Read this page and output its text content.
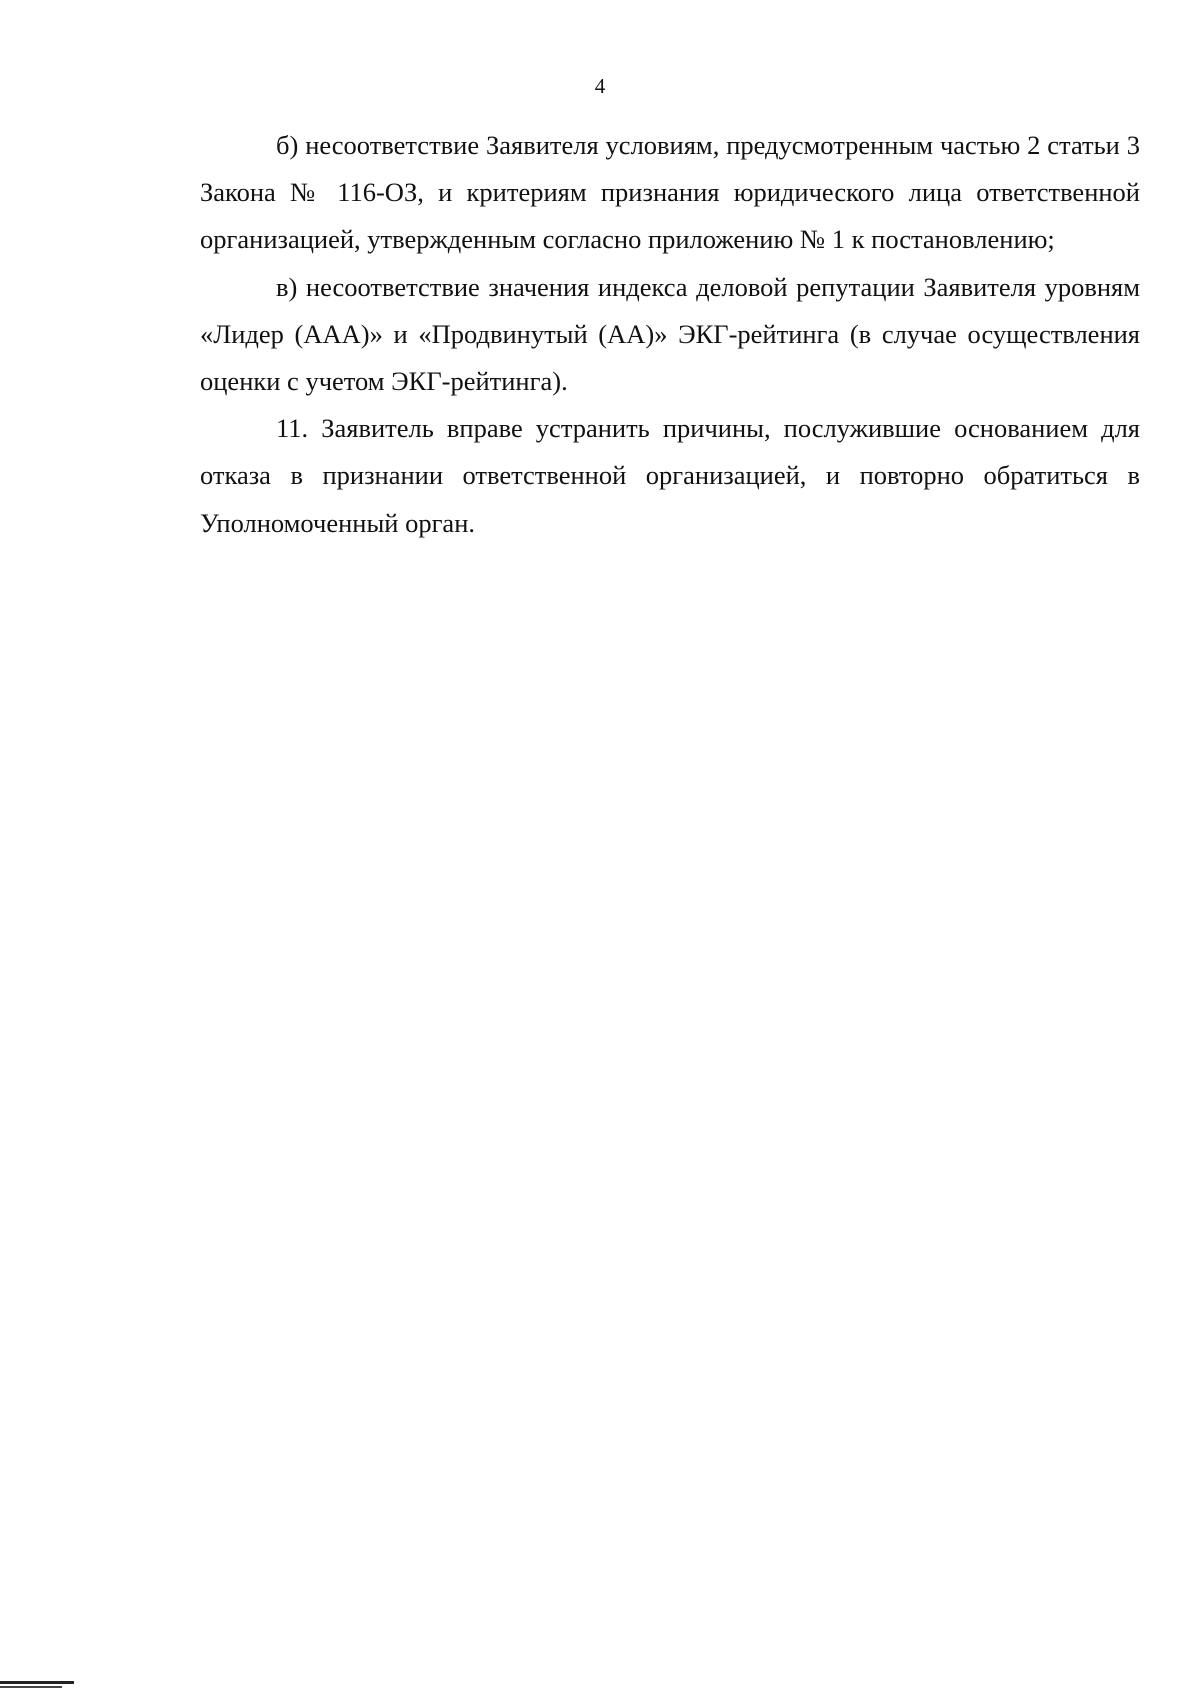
4

б) несоответствие Заявителя условиям, предусмотренным частью 2 статьи 3 Закона № 116-ОЗ, и критериям признания юридического лица ответственной организацией, утвержденным согласно приложению № 1 к постановлению;

в) несоответствие значения индекса деловой репутации Заявителя уровням «Лидер (ААА)» и «Продвинутый (АА)» ЭКГ-рейтинга (в случае осуществления оценки с учетом ЭКГ-рейтинга).

11. Заявитель вправе устранить причины, послужившие основанием для отказа в признании ответственной организацией, и повторно обратиться в Уполномоченный орган.
